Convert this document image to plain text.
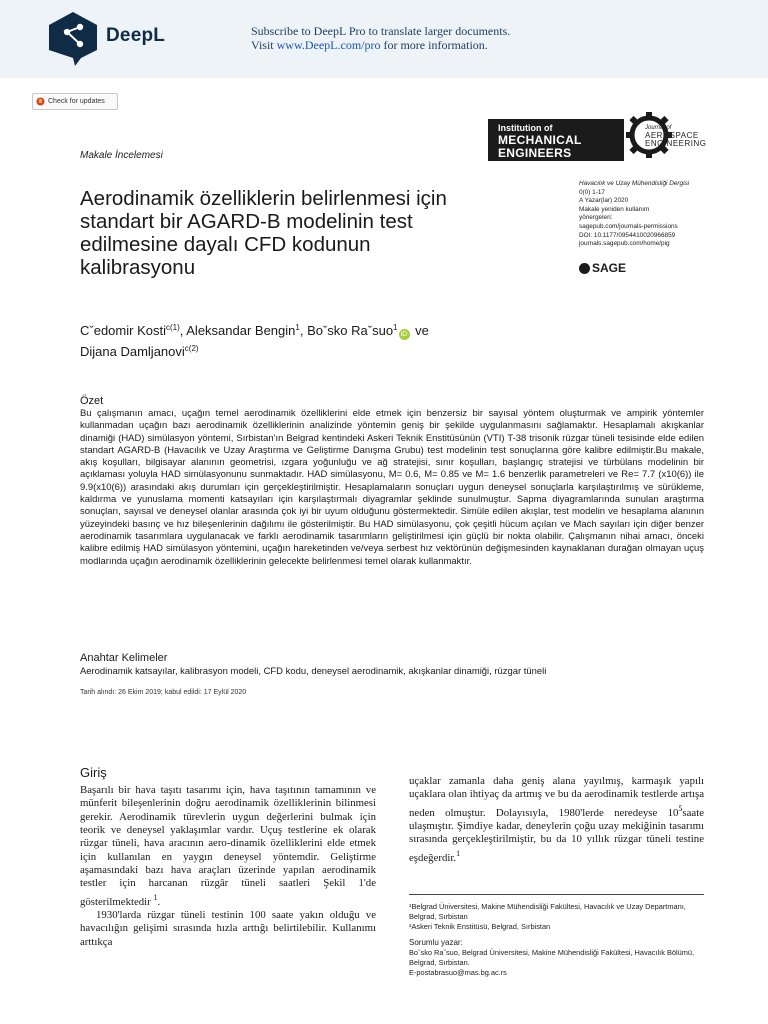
DeepL	Subscribe to DeepL Pro to translate larger documents.
Visit www.DeepL.com/pro for more information.
Check for updates
Makale İncelemesi
Institution of
MECHANICAL
ENGINEERS
Journal of
AEROSPACE
ENGINEERING
Aerodinamik özelliklerin belirlenmesi için standart bir AGARD-B modelinin test edilmesine dayalı CFD kodunun kalibrasyonu
Havacılık ve Uzay Mühendisliği Dergisi
0(0) 1-17
A Yazar(lar) 2020
Makale yeniden kullanım
yönergeleri:
sagepub.com/journals-permissions
DOI: 10.1177/0954410020966859
journals.sagepub.com/home/pig
SAGE
Cˇedomir Kosti$^{c(1)}$, Aleksandar Bengin$^1$, Boˇsko Raˇsuo$^1$iD ve
Dijana Damljanovi$^{c(2)}$
Özet

Bu çalışmanın amacı, uçağın temel aerodinamik özelliklerini elde etmek için benzersiz bir sayısal yöntem oluşturmak ve ampirik yöntemler kullanmadan uçağın bazı aerodinamik özelliklerinin analizinde yöntemin geniş bir şekilde uygulanmasını sağlamaktır. Hesaplamalı akışkanlar dinamiği (HAD) simülasyon yöntemi, Sırbistan'ın Belgrad kentindeki Askeri Teknik Enstitüsünün (VTI) T-38 trisonik rüzgar tüneli tesisinde elde edilen standart AGARD-B (Havacılık ve Uzay Araştırma ve Geliştirme Danışma Grubu) test modelinin test sonuçlarına göre kalibre edilmiştir.Bu makale, akış koşulları, bilgisayar alanının geometrisi, ızgara yoğunluğu ve ağ stratejisi, sınır koşulları, başlangıç stratejisi ve türbülans modelinin bir açıklaması yoluyla HAD simülasyonunu sunmaktadır. HAD simülasyonu, M= 0.6, M= 0.85 ve M= 1.6 benzerlik parametreleri ve Re= 7.7 (x10(6)) ile 9.9(x10(6)) arasındaki akış durumları için gerçekleştirilmiştir. Hesaplamaların sonuçları uygun deneysel sonuçlarla karşılaştırılmış ve sürükleme, kaldırma ve yunuslama momenti katsayıları için karşılaştırmalı diyagramlar şeklinde sunulmuştur. Sapma diyagramlarında sunulan araştırma sonuçları, sayısal ve deneysel olanlar arasında çok iyi bir uyum olduğunu göstermektedir. Simüle edilen akışlar, test modelin ve hesaplama alanının yüzeyindeki basınç ve hız bileşenlerinin dağılımı ile gösterilmiştir. Bu HAD simülasyonu, çok çeşitli hücum açıları ve Mach sayıları için diğer benzer aerodinamik tasarımlara uygulanacak ve farklı aerodinamik tasarımların geliştirilmesi için güçlü bir nokta olabilir. Çalışmanın nihai amacı, önceki kalibre edilmiş HAD simülasyon yöntemini, uçağın hareketinden ve/veya serbest hız vektörünün değişmesinden kaynaklanan durağan olmayan uçuş modlarında uçağın aerodinamik özelliklerinin gelecekte belirlenmesi temel olarak kullanmaktır.

Anahtar Kelimeler
Aerodinamik katsayılar, kalibrasyon modeli, CFD kodu, deneysel aerodinamik, akışkanlar dinamiği, rüzgar tüneli
Tarih alındı: 26 Ekim 2019; kabul edildi: 17 Eylül 2020
Giriş

Başarılı bir hava taşıtı tasarımı için, hava taşıtının tamamının ve münferit bileşenlerinin doğru aerodinamik özelliklerinin bilinmesi gerekir. Aerodinamik türevlerin uygun değerlerini bulmak için teorik ve deneysel yaklaşımlar vardır. Uçuş testlerine ek olarak rüzgar tüneli, hava aracının aero-dinamik özelliklerini elde etmek için kullanılan en yaygın deneysel yöntemdir. Geliştirme aşamasındaki bazı hava araçları üzerinde yapılan aerodinamik testler için harcanan rüzgâr tüneli saatleri Şekil 1'de gösterilmektedir $^1$.

1930'larda rüzgar tüneli testinin 100 saate yakın olduğu ve havacılığın gelişimi sırasında hızla arttığı belirtilebilir. Kullanımı arttıkça

uçaklar zamanla daha geniş alana yayılmış, karmaşık yapılı uçaklara olan ihtiyaç da artmış ve bu da aerodinamik testlerde artışa neden olmuştur. Dolayısıyla, 1980'lerde neredeyse $10^5saate$ ulaşmıştır. Şimdiye kadar, deneylerin çoğu uzay mekiğinin tasarımı sırasında gerçekleştirilmiştir, bu da 10 yıllık rüzgar tüneli testine eşdeğerdir.$^1$

¹Belgrad Üniversitesi, Makine Mühendisliği Fakültesi, Havacılık ve Uzay Departmanı, Belgrad, Sırbistan

²Askeri Teknik Enstitüsü, Belgrad, Sırbistan

Sorumlu yazar:

Boˇsko Raˇsuo, Belgrad Üniversitesi, Makine Mühendisliği Fakültesi, Havacılık Bölümü, Belgrad, Sırbistan.

E-postabrasuo@mas.bg.ac.rs
